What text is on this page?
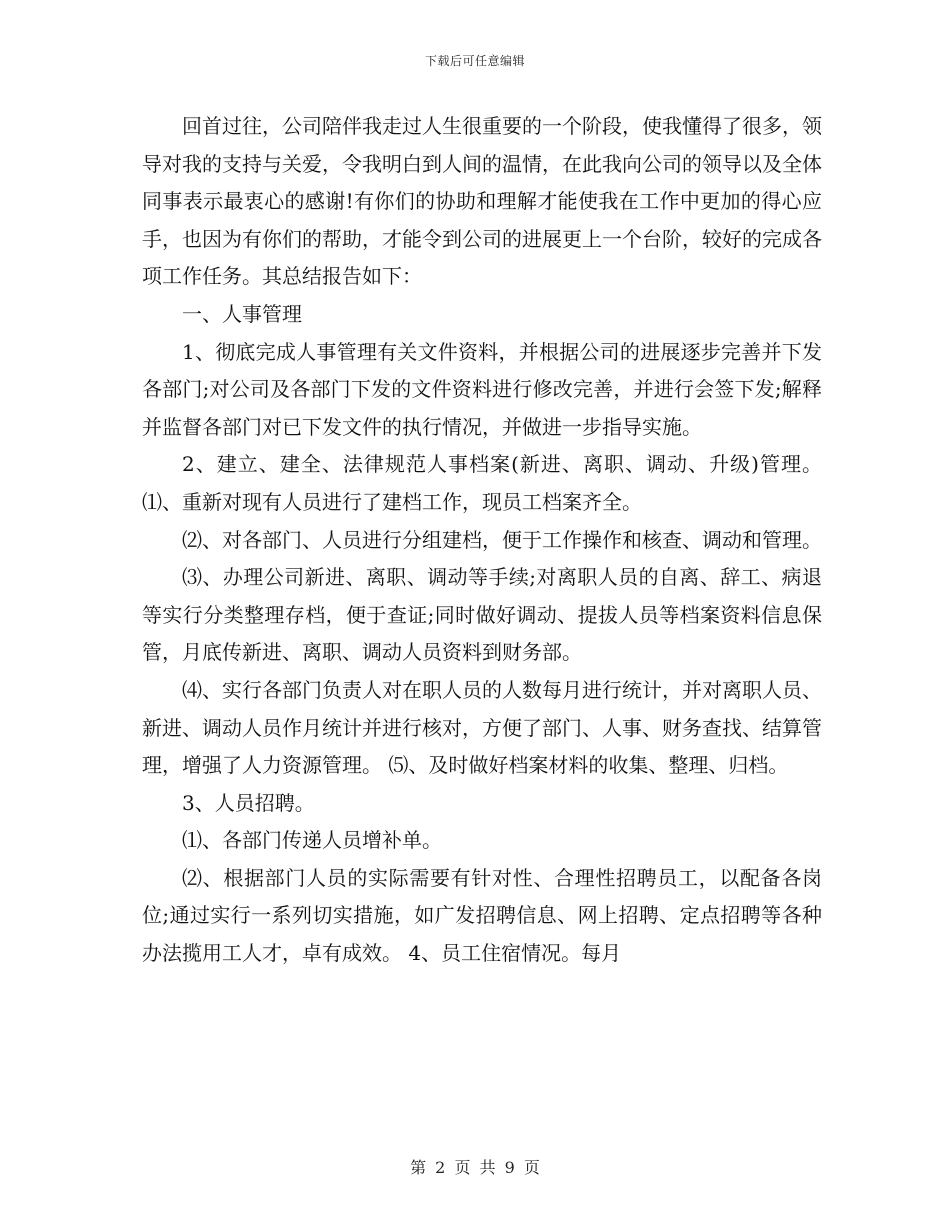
下载后可任意编辑

回首过往，公司陪伴我走过人生很重要的一个阶段，使我懂得了很多，领导对我的支持与关爱，令我明白到人间的温情，在此我向公司的领导以及全体同事表示最衷心的感谢!有你们的协助和理解才能使我在工作中更加的得心应手，也因为有你们的帮助，才能令到公司的进展更上一个台阶，较好的完成各项工作任务。其总结报告如下：

一、人事管理

1、彻底完成人事管理有关文件资料，并根据公司的进展逐步完善并下发各部门;对公司及各部门下发的文件资料进行修改完善，并进行会签下发;解释并监督各部门对已下发文件的执行情况，并做进一步指导实施。

2、建立、建全、法律规范人事档案(新进、离职、调动、升级)管理。 ⑴、重新对现有人员进行了建档工作，现员工档案齐全。

⑵、对各部门、人员进行分组建档，便于工作操作和核查、调动和管理。

⑶、办理公司新进、离职、调动等手续;对离职人员的自离、辞工、病退等实行分类整理存档，便于查证;同时做好调动、提拔人员等档案资料信息保管，月底传新进、离职、调动人员资料到财务部。

⑷、实行各部门负责人对在职人员的人数每月进行统计，并对离职人员、新进、调动人员作月统计并进行核对，方便了部门、人事、财务查找、结算管理，增强了人力资源管理。 ⑸、及时做好档案材料的收集、整理、归档。

3、人员招聘。

⑴、各部门传递人员增补单。

⑵、根据部门人员的实际需要有针对性、合理性招聘员工，以配备各岗位;通过实行一系列切实措施，如广发招聘信息、网上招聘、定点招聘等各种办法揽用工人才，卓有成效。 4、员工住宿情况。每月

第 2 页 共 9 页
